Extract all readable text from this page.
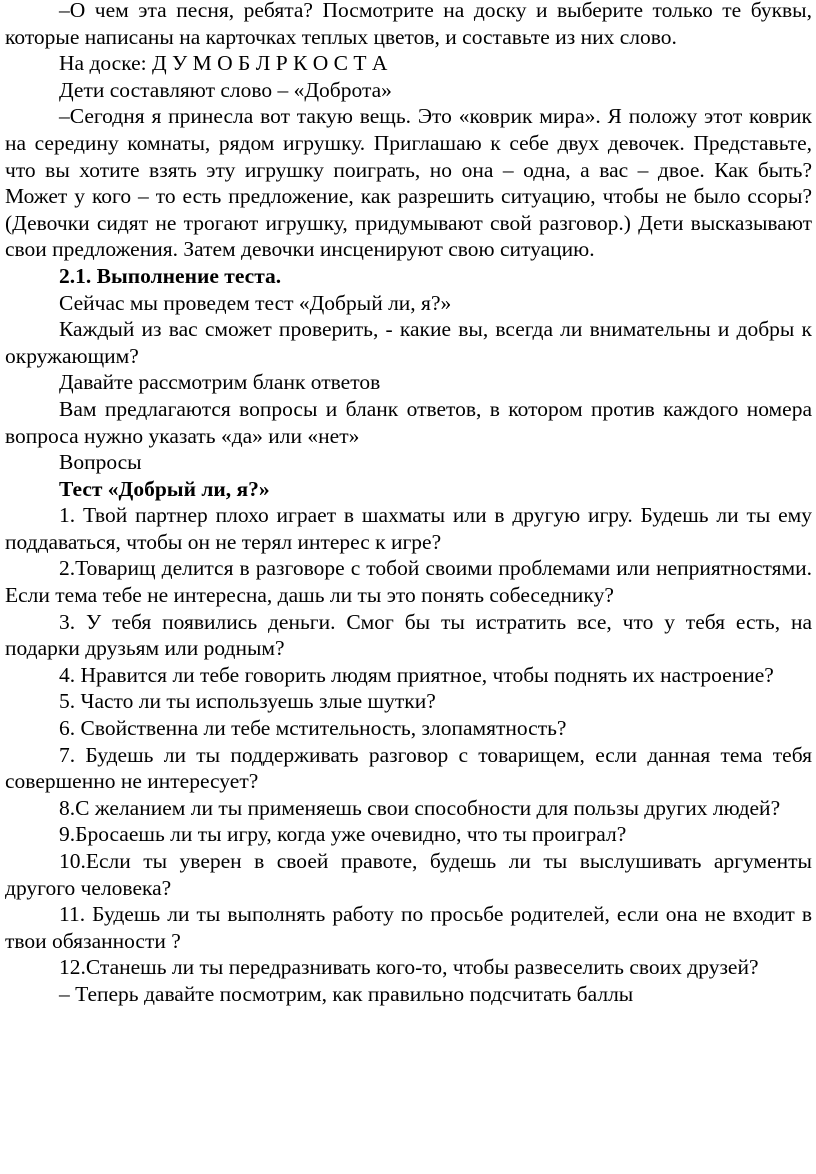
–О чем эта песня, ребята? Посмотрите на доску и выберите только те буквы, которые написаны на карточках теплых цветов, и составьте из них слово.

На доске: Д У М О Б Л Р К О С Т А

Дети составляют слово – «Доброта»

–Сегодня я принесла вот такую вещь. Это «коврик мира». Я положу этот коврик на середину комнаты, рядом игрушку. Приглашаю к себе двух девочек. Представьте, что вы хотите взять эту игрушку поиграть, но она – одна, а вас – двое. Как быть? Может у кого – то есть предложение, как разрешить ситуацию, чтобы не было ссоры? (Девочки сидят не трогают игрушку, придумывают свой разговор.) Дети высказывают свои предложения. Затем девочки инсценируют свою ситуацию.

2.1. Выполнение теста.

Сейчас мы проведем тест «Добрый ли, я?»

Каждый из вас сможет проверить, - какие вы, всегда ли внимательны и добры к окружающим?

Давайте рассмотрим бланк ответов

Вам предлагаются вопросы и бланк ответов, в котором против каждого номера вопроса нужно указать «да» или «нет»

Вопросы

Тест «Добрый ли, я?»

1. Твой партнер плохо играет в шахматы или в другую игру. Будешь ли ты ему поддаваться, чтобы он не терял интерес к игре?

2.Товарищ делится в разговоре с тобой своими проблемами или неприятностями. Если тема тебе не интересна, дашь ли ты это понять собеседнику?

3. У тебя появились деньги. Смог бы ты истратить все, что у тебя есть, на подарки друзьям или родным?

4. Нравится ли тебе говорить людям приятное, чтобы поднять их настроение?

5. Часто ли ты используешь злые шутки?

6. Свойственна ли тебе мстительность, злопамятность?

7. Будешь ли ты поддерживать разговор с товарищем, если данная тема тебя совершенно не интересует?

8.С желанием ли ты применяешь свои способности для пользы других людей?

9.Бросаешь ли ты игру, когда уже очевидно, что ты проиграл?

10.Если ты уверен в своей правоте, будешь ли ты выслушивать аргументы другого человека?

11. Будешь ли ты выполнять работу по просьбе родителей, если она не входит в твои обязанности ?

12.Станешь ли ты передразнивать кого-то, чтобы развеселить своих друзей?

– Теперь давайте посмотрим, как правильно подсчитать баллы
